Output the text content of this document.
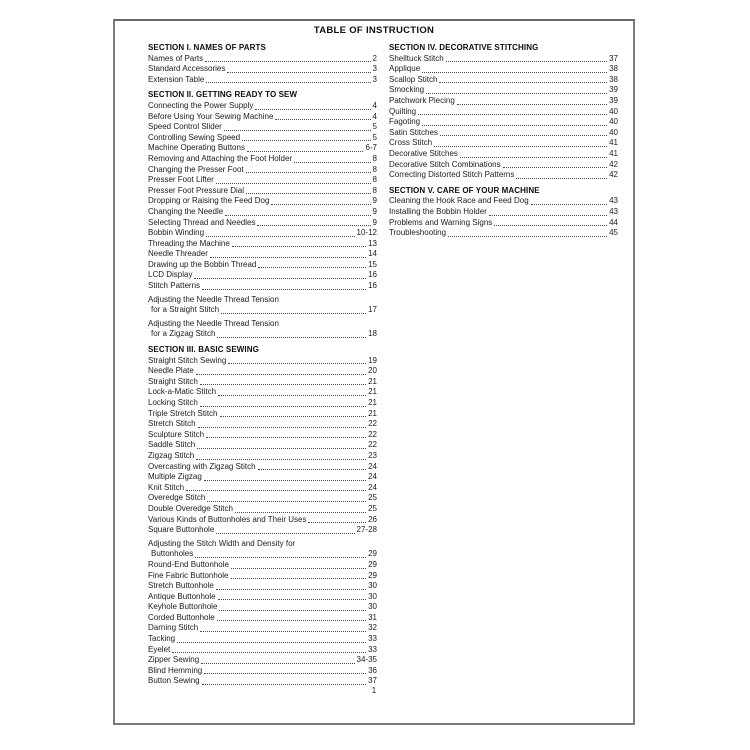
TABLE OF INSTRUCTION
SECTION I. NAMES OF PARTS
Names of Parts	2
Standard Accessories	3
Extension Table	3
SECTION II. GETTING READY TO SEW
Connecting the Power Supply	4
Before Using Your Sewing Machine	4
Speed Control Slider	5
Controlling Sewing Speed	5
Machine Operating Buttons	6-7
Removing and Attaching the Foot Holder	8
Changing the Presser Foot	8
Presser Foot Lifter	8
Presser Foot Pressure Dial	8
Dropping or Raising the Feed Dog	9
Changing the Needle	9
Selecting Thread and Needles	9
Bobbin Winding	10-12
Threading the Machine	13
Needle Threader	14
Drawing up the Bobbin Thread	15
LCD Display	16
Stitch Patterns	16
Adjusting the Needle Thread Tension
for a Straight Stitch	17
Adjusting the Needle Thread Tension
for a Zigzag Stitch	18
SECTION III. BASIC SEWING
Straight Stitch Sewing	19
Needle Plate	20
Straight Stitch	21
Lock-a-Matic Stitch	21
Locking Stitch	21
Triple Stretch Stitch	21
Stretch Stitch	22
Sculpture Stitch	22
Saddle Stitch	22
Zigzag Stitch	23
Overcasting with Zigzag Stitch	24
Multiple Zigzag	24
Knit Stitch	24
Overedge Stitch	25
Double Overedge Stitch	25
Various Kinds of Buttonholes and Their Uses	26
Square Buttonhole	27-28
Adjusting the Stitch Width and Density for
Buttonholes	29
Round-End Buttonhole	29
Fine Fabric Buttonhole	29
Stretch Buttonhole	30
Antique Buttonhole	30
Keyhole Buttonhole	30
Corded Buttonhole	31
Darning Stitch	32
Tacking	33
Eyelet	33
Zipper Sewing	34-35
Blind Hemming	36
Button Sewing	37
SECTION IV. DECORATIVE STITCHING
Shelltuck Stitch	37
Applique	38
Scallop Stitch	38
Smocking	39
Patchwork Piecing	39
Quilting	40
Fagoting	40
Satin Stitches	40
Cross Stitch	41
Decorative Stitches	41
Decorative Stitch Combinations	42
Correcting Distorted Stitch Patterns	42
SECTION V. CARE OF YOUR MACHINE
Cleaning the Hook Race and Feed Dog	43
Installing the Bobbin Holder	43
Problems and Warning Signs	44
Troubleshooting	45
1
